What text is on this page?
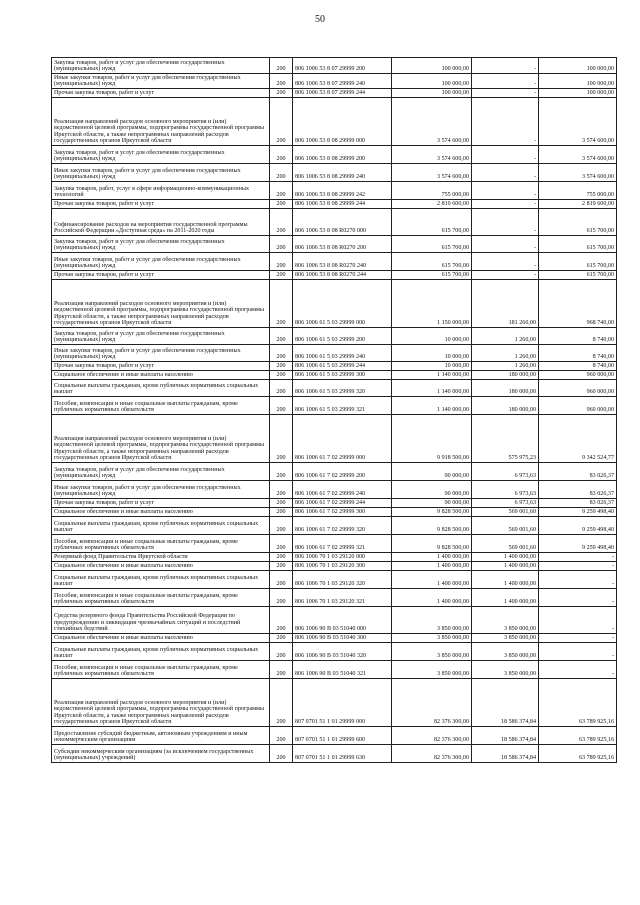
50
Закупка товаров, работ и услуг для обеспечения государственных (муниципальных) нужд	200	806 1006 53 8 07 29999 200	100 000,00	-	100 000,00
Иные закупки товаров, работ и услуг для обеспечения государственных (муниципальных) нужд	200	806 1006 53 8 07 29999 240	100 000,00	-	100 000,00
Прочая закупка товаров, работ и услуг	200	806 1006 53 8 07 29999 244	100 000,00	-	100 000,00
Реализация направлений расходов основного мероприятия и (или) ведомственной целевой программы, подпрограммы государственной программы Иркутской области, а также непрограммных направлений расходов государственных органов Иркутской области	200	806 1006 53 8 08 29999 000	3 574 600,00	-	3 574 600,00
Закупка товаров, работ и услуг для обеспечения государственных (муниципальных) нужд	200	806 1006 53 8 08 29999 200	3 574 600,00	-	3 574 600,00
Иные закупки товаров, работ и услуг для обеспечения государственных (муниципальных) нужд	200	806 1006 53 8 08 29999 240	3 574 600,00	-	3 574 600,00
Закупка товаров, работ, услуг в сфере информационно-коммуникационных технологий	200	806 1006 53 8 08 29999 242	755 000,00	-	755 000,00
Прочая закупка товаров, работ и услуг	200	806 1006 53 8 08 29999 244	2 819 600,00	-	2 819 600,00
Софинансирование расходов на мероприятия государственной программы Российской Федерации «Доступная среда» на 2011-2020 годы	200	806 1006 53 8 08 R0270 000	615 700,00	-	615 700,00
Закупка товаров, работ и услуг для обеспечения государственных (муниципальных) нужд	200	806 1006 53 8 08 R0270 200	615 700,00	-	615 700,00
Иные закупки товаров, работ и услуг для обеспечения государственных (муниципальных) нужд	200	806 1006 53 8 08 R0270 240	615 700,00	-	615 700,00
Прочая закупка товаров, работ и услуг	200	806 1006 53 8 08 R0270 244	615 700,00	-	615 700,00
Реализация направлений расходов основного мероприятия и (или) ведомственной целевой программы, подпрограммы государственной программы Иркутской области, а также непрограммных направлений расходов государственных органов Иркутской области	200	806 1006 61 5 03 29999 000	1 150 000,00	181 260,00	968 740,00
Закупка товаров, работ и услуг для обеспечения государственных (муниципальных) нужд	200	806 1006 61 5 03 29999 200	10 000,00	1 260,00	8 740,00
Иные закупки товаров, работ и услуг для обеспечения государственных (муниципальных) нужд	200	806 1006 61 5 03 29999 240	10 000,00	1 260,00	8 740,00
Прочая закупка товаров, работ и услуг	200	806 1006 61 5 03 29999 244	10 000,00	1 260,00	8 740,00
Социальное обеспечение и иные выплаты населению	200	806 1006 61 5 03 29999 300	1 140 000,00	180 000,00	960 000,00
Социальные выплаты гражданам, кроме публичных нормативных социальных выплат	200	806 1006 61 5 03 29999 320	1 140 000,00	180 000,00	960 000,00
Пособия, компенсации и иные социальные выплаты гражданам, кроме публичных нормативных обязательств	200	806 1006 61 5 03 29999 321	1 140 000,00	180 000,00	960 000,00
Реализация направлений расходов основного мероприятия и (или) ведомственной целевой программы, подпрограммы государственной программы Иркутской области, а также непрограммных направлений расходов государственных органов Иркутской области	200	806 1006 61 7 02 29999 000	9 918 500,00	575 975,23	9 342 524,77
Закупка товаров, работ и услуг для обеспечения государственных (муниципальных) нужд	200	806 1006 61 7 02 29999 200	90 000,00	6 973,63	83 026,37
Иные закупки товаров, работ и услуг для обеспечения государственных (муниципальных) нужд	200	806 1006 61 7 02 29999 240	90 000,00	6 973,63	83 026,37
Прочая закупка товаров, работ и услуг	200	806 1006 61 7 02 29999 244	90 000,00	6 973,63	83 026,37
Социальное обеспечение и иные выплаты населению	200	806 1006 61 7 02 29999 300	9 828 500,00	569 001,60	9 259 498,40
Социальные выплаты гражданам, кроме публичных нормативных социальных выплат	200	806 1006 61 7 02 29999 320	9 828 500,00	569 001,60	9 259 498,40
Пособия, компенсации и иные социальные выплаты гражданам, кроме публичных нормативных обязательств	200	806 1006 61 7 02 29999 321	9 828 500,00	569 001,60	9 259 498,40
Резервный фонд Правительства Иркутской области	200	806 1006 70 1 03 29120 000	1 400 000,00	1 400 000,00	-
Социальное обеспечение и иные выплаты населению	200	806 1006 70 1 03 29120 300	1 400 000,00	1 400 000,00	-
Социальные выплаты гражданам, кроме публичных нормативных социальных выплат	200	806 1006 70 1 03 29120 320	1 400 000,00	1 400 000,00	-
Пособия, компенсации и иные социальные выплаты гражданам, кроме публичных нормативных обязательств	200	806 1006 70 1 03 29120 321	1 400 000,00	1 400 000,00	-
Средства резервного фонда Правительства Российской Федерации по предупреждению и ликвидации чрезвычайных ситуаций и последствий стихийных бедствий	200	806 1006 90 В 03 51040 000	3 850 000,00	3 850 000,00	-
Социальное обеспечение и иные выплаты населению	200	806 1006 90 В 03 51040 300	3 850 000,00	3 850 000,00	-
Социальные выплаты гражданам, кроме публичных нормативных социальных выплат	200	806 1006 90 В 03 51040 320	3 850 000,00	3 850 000,00	-
Пособия, компенсации и иные социальные выплаты гражданам, кроме публичных нормативных обязательств	200	806 1006 90 В 03 51040 321	3 850 000,00	3 850 000,00	-
Реализация направлений расходов основного мероприятия и (или) ведомственной целевой программы, подпрограммы государственной программы Иркутской области, а также непрограммных направлений расходов государственных органов Иркутской области	200	807 0701 51 1 01 29999 000	82 376 300,00	18 586 374,84	63 789 925,16
Предоставление субсидий бюджетным, автономным учреждениям и иным некоммерческим организациям	200	807 0701 51 1 01 29999 600	82 376 300,00	18 586 374,84	63 789 925,16
Субсидии некоммерческим организациям (за исключением государственных (муниципальных) учреждений)	200	807 0701 51 1 01 29999 630	82 376 300,00	18 586 374,84	63 789 925,16
